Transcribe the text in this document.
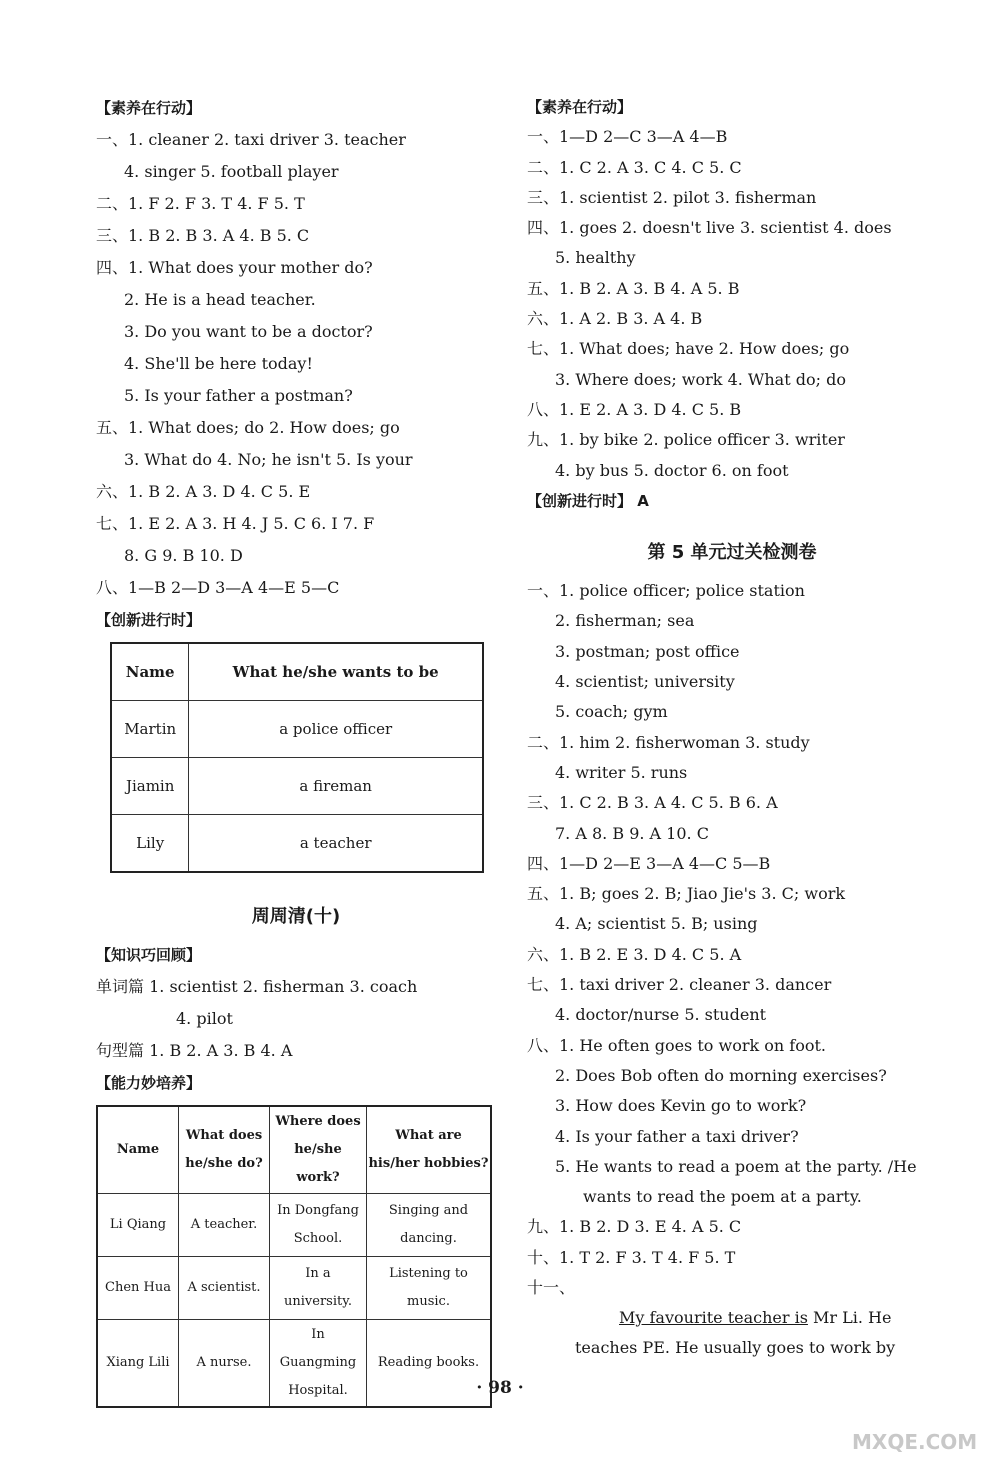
【素养在行动】
一、1. cleaner 2. taxi driver 3. teacher
4. singer 5. football player
二、1. F 2. F 3. T 4. F 5. T
三、1. B 2. B 3. A 4. B 5. C
四、1. What does your mother do?
2. He is a head teacher.
3. Do you want to be a doctor?
4. She'll be here today!
5. Is your father a postman?
五、1. What does; do 2. How does; go
3. What do 4. No; he isn't 5. Is your
六、1. B 2. A 3. D 4. C 5. E
七、1. E 2. A 3. H 4. J 5. C 6. I 7. F
8. G 9. B 10. D
八、1—B 2—D 3—A 4—E 5—C
【创新进行时】
Name	What he/she wants to be
Martin	a police officer
Jiamin	a fireman
Lily	a teacher
周周清(十)
【知识巧回顾】
单词篇 1. scientist 2. fisherman 3. coach
4. pilot
句型篇 1. B 2. A 3. B 4. A
【能力妙培养】
Name	What does he/she do?	Where does he/she work?	What are his/her hobbies?
Li Qiang	A teacher.	In Dongfang School.	Singing and dancing.
Chen Hua	A scientist.	In a university.	Listening to music.
Xiang Lili	A nurse.	In Guangming Hospital.	Reading books.
【素养在行动】
一、1—D 2—C 3—A 4—B
二、1. C 2. A 3. C 4. C 5. C
三、1. scientist 2. pilot 3. fisherman
四、1. goes 2. doesn't live 3. scientist 4. does
5. healthy
五、1. B 2. A 3. B 4. A 5. B
六、1. A 2. B 3. A 4. B
七、1. What does; have 2. How does; go
3. Where does; work 4. What do; do
八、1. E 2. A 3. D 4. C 5. B
九、1. by bike 2. police officer 3. writer
4. by bus 5. doctor 6. on foot
【创新进行时】 A
第 5 单元过关检测卷
一、1. police officer; police station
2. fisherman; sea
3. postman; post office
4. scientist; university
5. coach; gym
二、1. him 2. fisherwoman 3. study
4. writer 5. runs
三、1. C 2. B 3. A 4. C 5. B 6. A
7. A 8. B 9. A 10. C
四、1—D 2—E 3—A 4—C 5—B
五、1. B; goes 2. B; Jiao Jie's 3. C; work
4. A; scientist 5. B; using
六、1. B 2. E 3. D 4. C 5. A
七、1. taxi driver 2. cleaner 3. dancer
4. doctor/nurse 5. student
八、1. He often goes to work on foot.
2. Does Bob often do morning exercises?
3. How does Kevin go to work?
4. Is your father a taxi driver?
5. He wants to read a poem at the party. /He
wants to read the poem at a party.
九、1. B 2. D 3. E 4. A 5. C
十、1. T 2. F 3. T 4. F 5. T
十一、
My favourite teacher is Mr Li. He
teaches PE. He usually goes to work by
· 98 ·
MXQE.COM
